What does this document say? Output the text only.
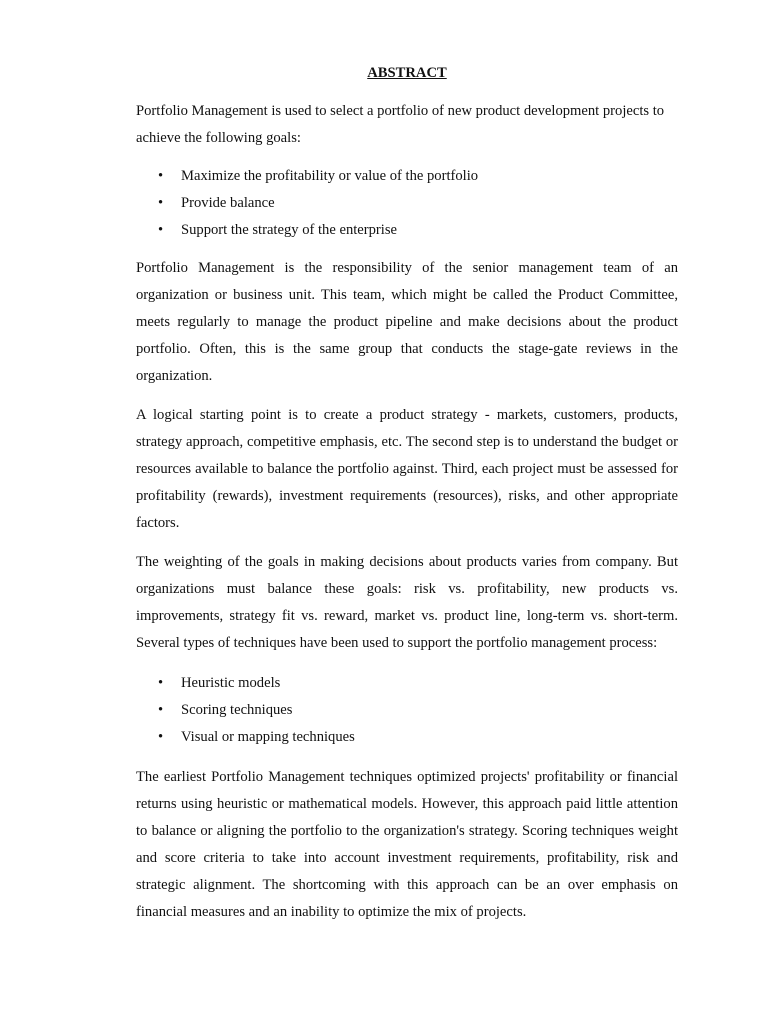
ABSTRACT

Portfolio Management is used to select a portfolio of new product development projects to achieve the following goals:

• Maximize the profitability or value of the portfolio
• Provide balance
• Support the strategy of the enterprise

Portfolio Management is the responsibility of the senior management team of an organization or business unit. This team, which might be called the Product Committee, meets regularly to manage the product pipeline and make decisions about the product portfolio. Often, this is the same group that conducts the stage-gate reviews in the organization.

A logical starting point is to create a product strategy - markets, customers, products, strategy approach, competitive emphasis, etc. The second step is to understand the budget or resources available to balance the portfolio against. Third, each project must be assessed for profitability (rewards), investment requirements (resources), risks, and other appropriate factors.

The weighting of the goals in making decisions about products varies from company. But organizations must balance these goals: risk vs. profitability, new products vs. improvements, strategy fit vs. reward, market vs. product line, long-term vs. short-term. Several types of techniques have been used to support the portfolio management process:

• Heuristic models
• Scoring techniques
• Visual or mapping techniques

The earliest Portfolio Management techniques optimized projects' profitability or financial returns using heuristic or mathematical models. However, this approach paid little attention to balance or aligning the portfolio to the organization's strategy. Scoring techniques weight and score criteria to take into account investment requirements, profitability, risk and strategic alignment. The shortcoming with this approach can be an over emphasis on financial measures and an inability to optimize the mix of projects.
